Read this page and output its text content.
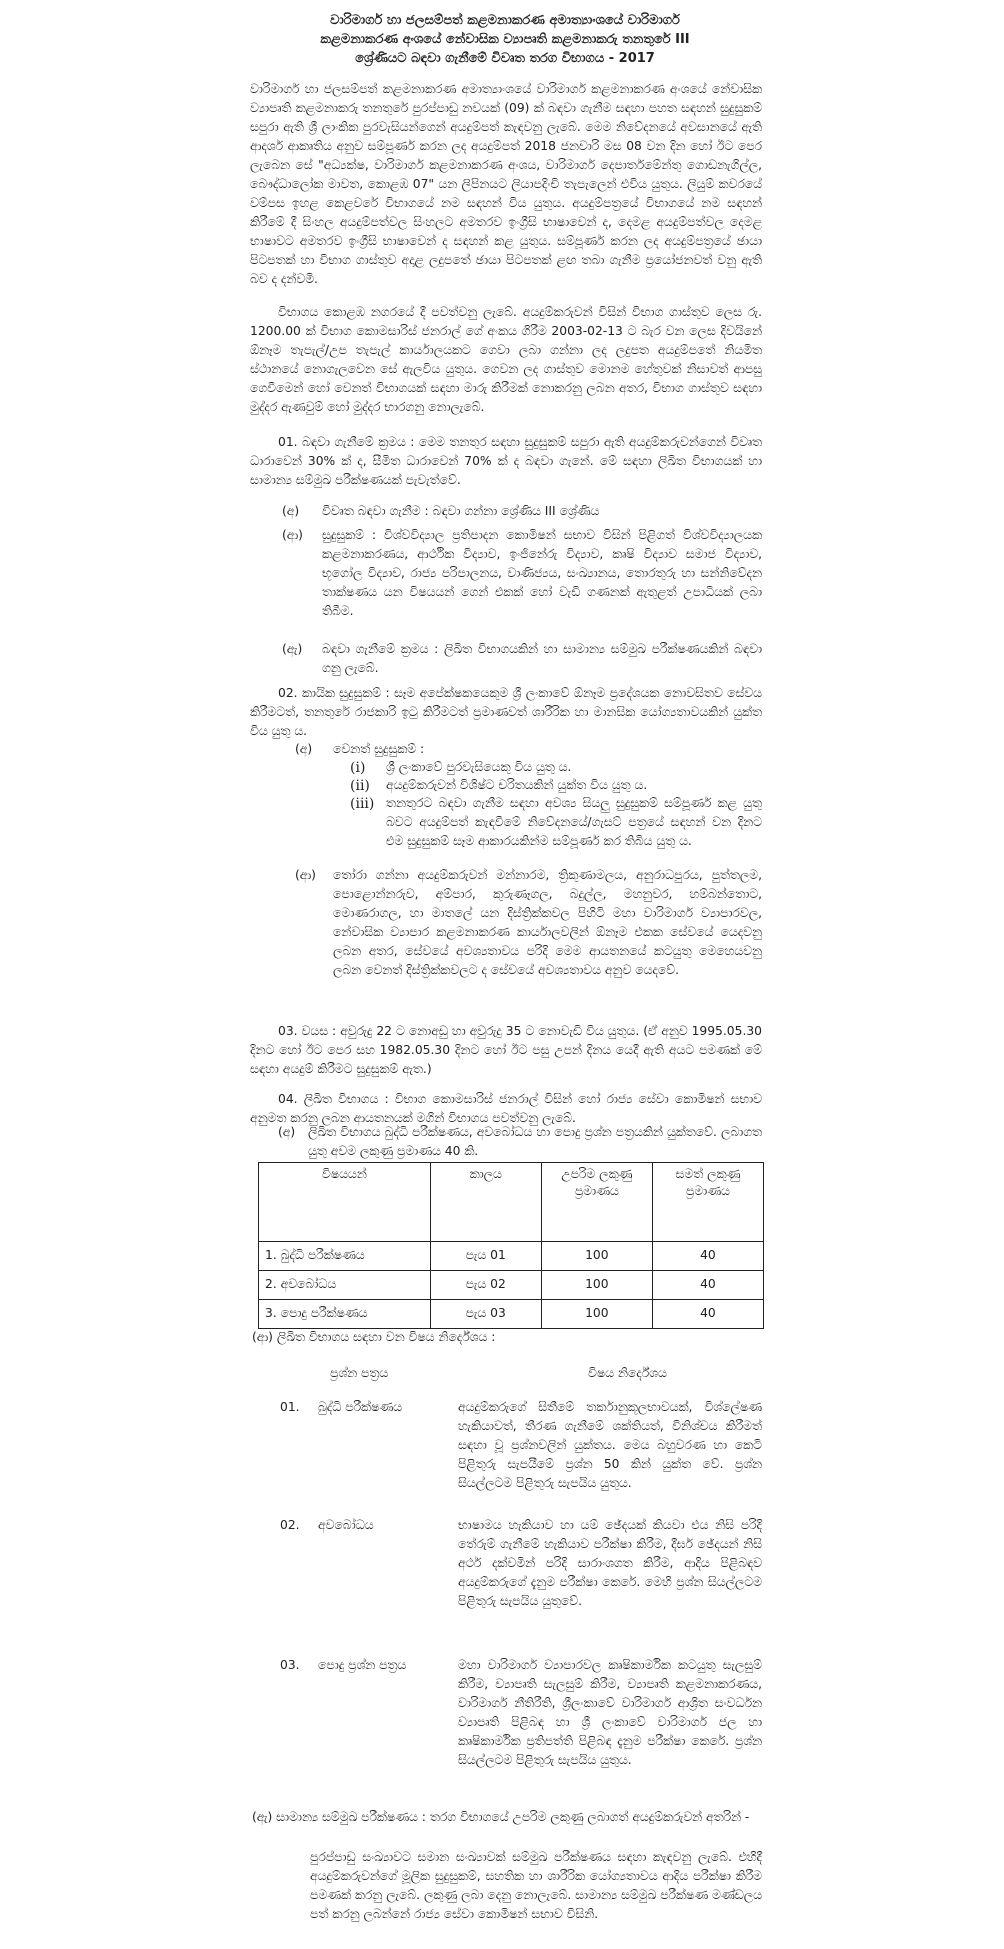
වාරිමාර්ග හා ජලසම්පත් කළමනාකරණ අමාත්‍යාංශයේ වාරිමාර්ග
කළමනාකරණ අංශයේ නේවාසික ව්‍යාපෘති කළමනාකරු තනතුරේ III
ශ්‍රේණියට බඳවා ගැනීමේ විවෘත තරග විභාගය - 2017

වාරිමාර්ග හා ජලසම්පත් කළමනාකරණ අමාත්‍යාංශයේ වාරිමාර්ග කළමනාකරණ අංශයේ නේවාසික ව්‍යාපෘති කළමනාකරු තනතුරේ පුරප්පාඩු නවයක් (09) ක් බඳවා ගැනීම සඳහා පහත සඳහන් සුදුසුකම් සපුරා ඇති ශ්‍රී ලාංකික පුරවැසියන්ගෙන් අයදුම්පත් කැඳවනු ලැබේ. මෙම නිවේදනයේ අවසානයේ ඇති ආදර්ශ ආකෘතිය අනුව සම්පූර්ණ කරන ලද අයදුම්පත් 2018 ජනවාරි මස 08 වන දින හෝ ඊට පෙර ලැබෙන සේ "අධ්‍යක්ෂ, වාරිමාර්ග කළමනාකරණ අංශය, වාරිමාර්ග දෙපාර්තමේන්තු ගොඩනැගිල්ල, බෞද්ධාලෝක මාවත, කොළඹ 07" යන ලිපිනයට ලියාපදිංචි තැපැලෙන් එවිය යුතුය. ලියුම් කවරයේ වම්පස ඉහළ කෙළවරේ විභාගයේ නම සඳහන් විය යුතුය. අයදුම්පත්‍රයේ විභාගයේ නම සඳහන් කිරීමේ දී සිංහල අයදුම්පත්වල සිංහලට අමතරව ඉංග්‍රීසි භාෂාවෙන් ද, දෙමළ අයදුම්පත්වල දෙමළ භාෂාවට අමතරව ඉංග්‍රීසි භාෂාවෙන් ද සඳහන් කළ යුතුය. සම්පූර්ණ කරන ලද අයදුම්පත්‍රයේ ඡායා පිටපතක් හා විභාග ගාස්තුව අදාළ ලදුපතේ ඡායා පිටපතක් ළඟ තබා ගැනීම ප්‍රයෝජනවත් වනු ඇති බව ද දන්වමි.

විභාගය කොළඹ නගරයේ දී පවත්වනු ලැබේ. අයදුම්කරුවන් විසින් විභාග ගාස්තුව ලෙස රු. 1200.00 ක් විභාග කොමසාරිස් ජනරාල් ගේ අංකය ගිරීම 2003-02-13 ට බැර වන ලෙස දිවයිනේ ඕනෑම තැපැල්/උප තැපැල් කාර්යාලයකට ගෙවා ලබා ගන්නා ලද ලදුපත අයදුම්පතේ නියමිත ස්ථානයේ නොගැලවෙන සේ ඇලවිය යුතුය. ගෙවන ලද ගාස්තුව මොනම හේතුවක් නිසාවත් ආපසු ගෙවීමෙන් හෝ වෙනත් විභාගයක් සඳහා මාරු කිරීමක් නොකරනු ලබන අතර, විභාග ගාස්තුව සඳහා මුද්දර ඇණවුම් හෝ මුද්දර භාරගනු නොලැබේ.

01. බඳවා ගැනීමේ ක්‍රමය : මෙම තනතුර සඳහා සුදුසුකම් සපුරා ඇති අයදුම්කරුවන්ගෙන් විවෘත ධාරාවෙන් 30% ක් ද, සීමිත ධාරාවෙන් 70% ක් ද බඳවා ගැනේ. මේ සඳහා ලිඛිත විභාගයක් හා සාමාන්‍ය සම්මුඛ පරීක්ෂණයක් පැවැත්වේ.

(අ) විවෘත බඳවා ගැනීම : බඳවා ගන්නා ශ්‍රේණිය III ශ්‍රේණිය

(ආ) සුදුසුකම් : විශ්වවිද්‍යාල ප්‍රතිපාදන කොමිෂන් සභාව විසින් පිළිගත් විශ්වවිද්‍යාලයක කළමනාකරණය, ආර්ථික විද්‍යාව, ඉංජිනේරු විද්‍යාව, කෘෂි විද්‍යාව සමාජ විද්‍යාව, භූගෝල විද්‍යාව, රාජ්‍ය පරිපාලනය, වාණිජ්‍යය, සංඛ්‍යානය, තොරතුරු හා සන්නිවේදන තාක්ෂණය යන විෂයයන් ගෙන් එකක් හෝ වැඩි ගණනක් ඇතුළත් උපාධියක් ලබා තිබීම.

(ඇ) බඳවා ගැනීමේ ක්‍රමය : ලිඛිත විභාගයකින් හා සාමාන්‍ය සම්මුඛ පරීක්ෂණයකින් බඳවා ගනු ලැබේ.

02. කායික සුදුසුකම් : සෑම අපේක්ෂකයෙකුම ශ්‍රී ලංකාවේ ඕනෑම ප්‍රදේශයක නොවසිතව සේවය කිරීමටත්, තනතුරේ රාජකාරි ඉටු කිරීමටත් ප්‍රමාණවත් ශාරීරික හා මානසික යෝග්‍යතාවයකින් යුක්ත විය යුතු ය.

(අ) වෙනත් සුදුසුකම් :
(i) ශ්‍රී ලංකාවේ පුරවැසියෙකු විය යුතු ය.

(ii) අයදුම්කරුවන් විශිෂ්ට චරිතයකින් යුක්ත විය යුතු ය.

(iii) තනතුරට බඳවා ගැනීම සඳහා අවශ්‍ය සියලු සුදුසුකම් සම්පූර්ණ කළ යුතු බවට අයදුම්පත් කැඳවීමේ නිවේදනයේ/ගැසට් පත්‍රයේ සඳහන් වන දිනට එම සුදුසුකම් සෑම ආකාරයකින්ම සම්පූර්ණ කර තිබිය යුතු ය.

(ආ) තෝරා ගන්නා අයදුම්කරුවන් මන්නාරම, ත්‍රිකුණාමලය, අනුරාධපුරය, පුත්තලම, පොළොන්නරුව, අම්පාර, කුරුණෑගල, බදුල්ල, මහනුවර, හම්බන්තොට, මොණරාගල, හා මාතලේ යන දිස්ත්‍රික්කවල පිහිටි මහා වාරිමාර්ග ව්‍යාපාරවල, නේවාසික ව්‍යාපාර කළමනාකරණ කාර්යාලවලින් ඕනෑම එකක සේවයේ යෙදවනු ලබන අතර, සේවයේ අවශ්‍යතාවය පරිදි මෙම ආයතනයේ කටයුතු මෙහෙයවනු ලබන වෙනත් දිස්ත්‍රික්කවලට ද සේවයේ අවශ්‍යතාවය අනුව යෙදවේ.

03. වයස : අවුරුදු 22 ට නොඅඩු හා අවුරුදු 35 ට නොවැඩි විය යුතුය. (ඒ අනුව 1995.05.30 දිනට හෝ ඊට පෙර සහ 1982.05.30 දිනට හෝ ඊට පසු උපන් දිනය යෙදී ඇති අයට පමණක් මේ සඳහා අයදුම් කිරීමට සුදුසුකම් ඇත.)

04. ලිඛිත විභාගය : විභාග කොමසාරිස් ජනරාල් විසින් හෝ රාජ්‍ය සේවා කොමිෂන් සභාව අනුමත කරනු ලබන ආයතනයක් මගින් විභාගය පවත්වනු ලැබේ.

(අ) ලිඛිත විභාගය බුද්ධි පරීක්ෂණය, අවබෝධය හා පොදු ප්‍රශ්න පත්‍රයකින් යුක්තවේ. ලබාගත යුතු අවම ලකුණු ප්‍රමාණය 40 කි.

විෂයයන්	කාලය	උපරිම ලකුණු ප්‍රමාණය	සමත් ලකුණු ප්‍රමාණය
1. බුද්ධි පරීක්ෂණය	පැය 01	100	40
2. අවබෝධය	පැය 02	100	40
3. පොදු පරීක්ෂණය	පැය 03	100	40
(ආ) ලිඛිත විභාගය සඳහා වන විෂය නිර්දේශය :
ප්‍රශ්න පත්‍රය	විෂය නිර්දේශය
01. බුද්ධි පරීක්ෂණය	අයදුම්කරුගේ සිතීමේ තර්කානුකූලභාවයක්, විශ්ලේෂණ හැකියාවත්, තීරණ ගැනීමේ ශක්තියත්, විනිශ්චය කිරීමත් සඳහා වූ ප්‍රශ්නවලින් යුක්තය. මෙය බහුවරණ හා කෙටි පිළිතුරු සැපයීමේ ප්‍රශ්න 50 කින් යුක්ත වේ. ප්‍රශ්න සියල්ලටම පිළිතුරු සැපයිය යුතුය.

02. අවබෝධය	භාෂාමය හැකියාව හා යම් ඡේදයක් කියවා එය නිසි පරිදි තේරුම් ගැනීමේ හැකියාව පරීක්ෂා කිරීම, දීර්ඝ ඡේදයන් නිසි අර්ථ දක්වමින් පරිදි සාරාංශගත කිරීම, ආදිය පිළිබඳව අයදුම්කරුගේ දැනුම පරීක්ෂා කෙරේ. මෙහි ප්‍රශ්න සියල්ලටම පිළිතුරු සැපයිය යුතුවේ.

03. පොදු ප්‍රශ්න පත්‍රය	මහා වාරිමාර්ග ව්‍යාපාරවල කෘෂිකාර්මික කටයුතු සැලසුම් කිරීම, ව්‍යාපෘති සැලසුම් කිරීම, ව්‍යාපෘති කළමනාකරණය, වාරිමාර්ග නීතිරීති, ශ්‍රීලංකාවේ වාරිමාර්ග ආශ්‍රිත සංවර්ධන ව්‍යාපෘති පිළිබඳ හා ශ්‍රී ලංකාවේ වාරිමාර්ග ජල හා කෘෂිකාර්මික ප්‍රතිපත්ති පිළිබඳ දැනුම පරීක්ෂා කෙරේ. ප්‍රශ්න සියල්ලටම පිළිතුරු සැපයිය යුතුය.

(ඇ) සාමාන්‍ය සම්මුඛ පරීක්ෂණය : තරග විභාගයේ උපරිම ලකුණු ලබාගත් අයදුම්කරුවන් අතරින් -

පුරප්පාඩු සංඛ්‍යාවට සමාන සංඛ්‍යාවක් සම්මුඛ පරීක්ෂණය සඳහා කැඳවනු ලැබේ. එහිදී අයදුම්කරුවන්ගේ මූලික සුදුසුකම්, සහතික හා ශාරීරික යෝග්‍යතාවය ආදිය පරීක්ෂා කිරීම පමණක් කරනු ලැබේ. ලකුණු ලබා දෙනු නොලැබේ. සාමාන්‍ය සම්මුඛ පරීක්ෂණ මණ්ඩලය පත් කරනු ලබන්නේ රාජ්‍ය සේවා කොමිෂන් සභාව විසිනි.
